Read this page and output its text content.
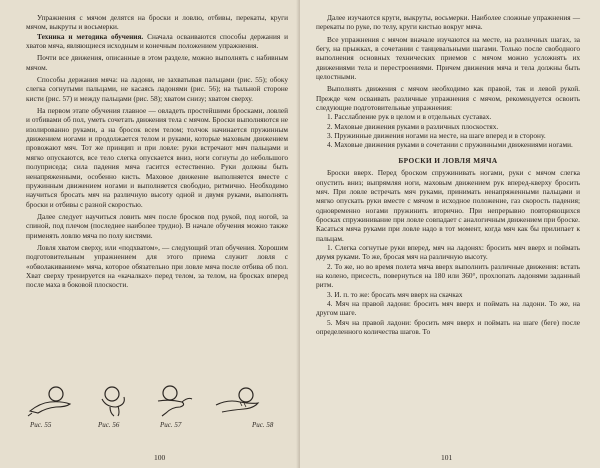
Упражнения с мячом делятся на броски и ловлю, отбивы, перекаты, круги мячом, выкруты и восьмерки.

Техника и методика обучения. Сначала осваиваются способы держания и хватов мяча, являющиеся исходным и конечным положением упражнения.

Почти все движения, описанные в этом разделе, можно выполнять с набивным мячом.

Способы держания мяча: на ладони, не захватывая пальцами (рис. 55); обоку слегка согнутыми пальцами, не касаясь ладонями (рис. 56); на тыльной стороне кисти (рис. 57) и между пальцами (рис. 58); хватом снизу; хватом сверху.

На первом этапе обучения главное — овладеть простейшими бросками, ловлей и отбивами об пол, уметь сочетать движения тела с мячом. Броски выполняются не изолированно руками, а на бросок всем телом; толчок начинается пружинным движением ногами и продолжается телом и руками, которые маховым движением провожают мяч. Тот же принцип и при ловле: руки встречают мяч пальцами и мягко опускаются, все тело слегка опускается вниз, ноги согнуты до небольшого полуприседа; сила падения мяча гасится естественно. Руки должны быть ненапряженными, особенно кисть. Маховое движение выполняется вместе с пружинным движением ногами и выполняется свободно, ритмично. Необходимо научиться бросать мяч на различную высоту одной и двумя руками, выполнять броски и отбивы с разной скоростью.

Далее следует научиться ловить мяч после бросков под рукой, под ногой, за спиной, под плечом (последнее наиболее трудно). В начале обучения можно также применять ловлю мяча по полу кистями.

Ловля хватом сверху, или «подхватом», — следующий этап обучения. Хорошим подготовительным упражнением для этого приема служит ловля с «обволакиванием» мяча, которое обязательно при ловле мяча после отбива об пол. Хват сверху тренируется на «качалках» перед телом, за телом, на бросках вперед после маха в боковой плоскости.

Рис. 55	Рис. 56	Рис. 57	Рис. 58
100

Далее изучаются круги, выкруты, восьмерки. Наиболее сложные упражнения — перекаты по руке, по телу, круги кистью вокруг мяча.

Все упражнения с мячом вначале изучаются на месте, на различных шагах, за бегу, на прыжках, в сочетании с танцевальными шагами. Только после свободного выполнения основных технических приемов с мячом можно усложнять их движениями тела и перестроениями. Причем движения мяча и тела должны быть целостными.

Выполнять движения с мячом необходимо как правой, так и левой рукой. Прежде чем осваивать различные упражнения с мячом, рекомендуется освоить следующие подготовительные упражнения:

1. Расслабление рук в целом и в отдельных суставах.

2. Маховые движения руками в различных плоскостях.

3. Пружинные движения ногами на месте, на шаге вперед и в сторону.

4. Маховые движения руками в сочетании с пружинными движениями ногами.

БРОСКИ И ЛОВЛЯ МЯЧА

Броски вверх. Перед броском спружинивать ногами, руки с мячом слегка опустить вниз; выпрямляя ноги, маховым движением рук вперед-кверху бросить мяч. При ловле встречать мяч руками, принимать ненапряженными пальцами и мягко опускать руки вместе с мячом в исходное положение, газ скорость падения; одновременно ногами пружинить вторично. При непрерывно повторяющихся бросках спружинивание при ловле совпадает с аналогичным движением при броске. Касаться мяча руками при ловле надо в тот момент, когда мяч как бы прилипает к пальцам.

1. Слегка согнутые руки вперед, мяч на ладонях: бросить мяч вверх и поймать двумя руками. То же, бросая мяч на различную высоту.

2. То же, но во время полета мяча вверх выполнить различные движения: встать на колено, присесть, повернуться на 180 или 360°, прохлопать ладонями заданный ритм.

3. И. п. то же: бросать мяч вверх на скачках

4. Мяч на правой ладони: бросить мяч вверх и поймать на ладони. То же, на другом шаге.

5. Мяч на правой ладони: бросить мяч вверх и поймать на шаге (беге) после определенного количества шагов. То

101
